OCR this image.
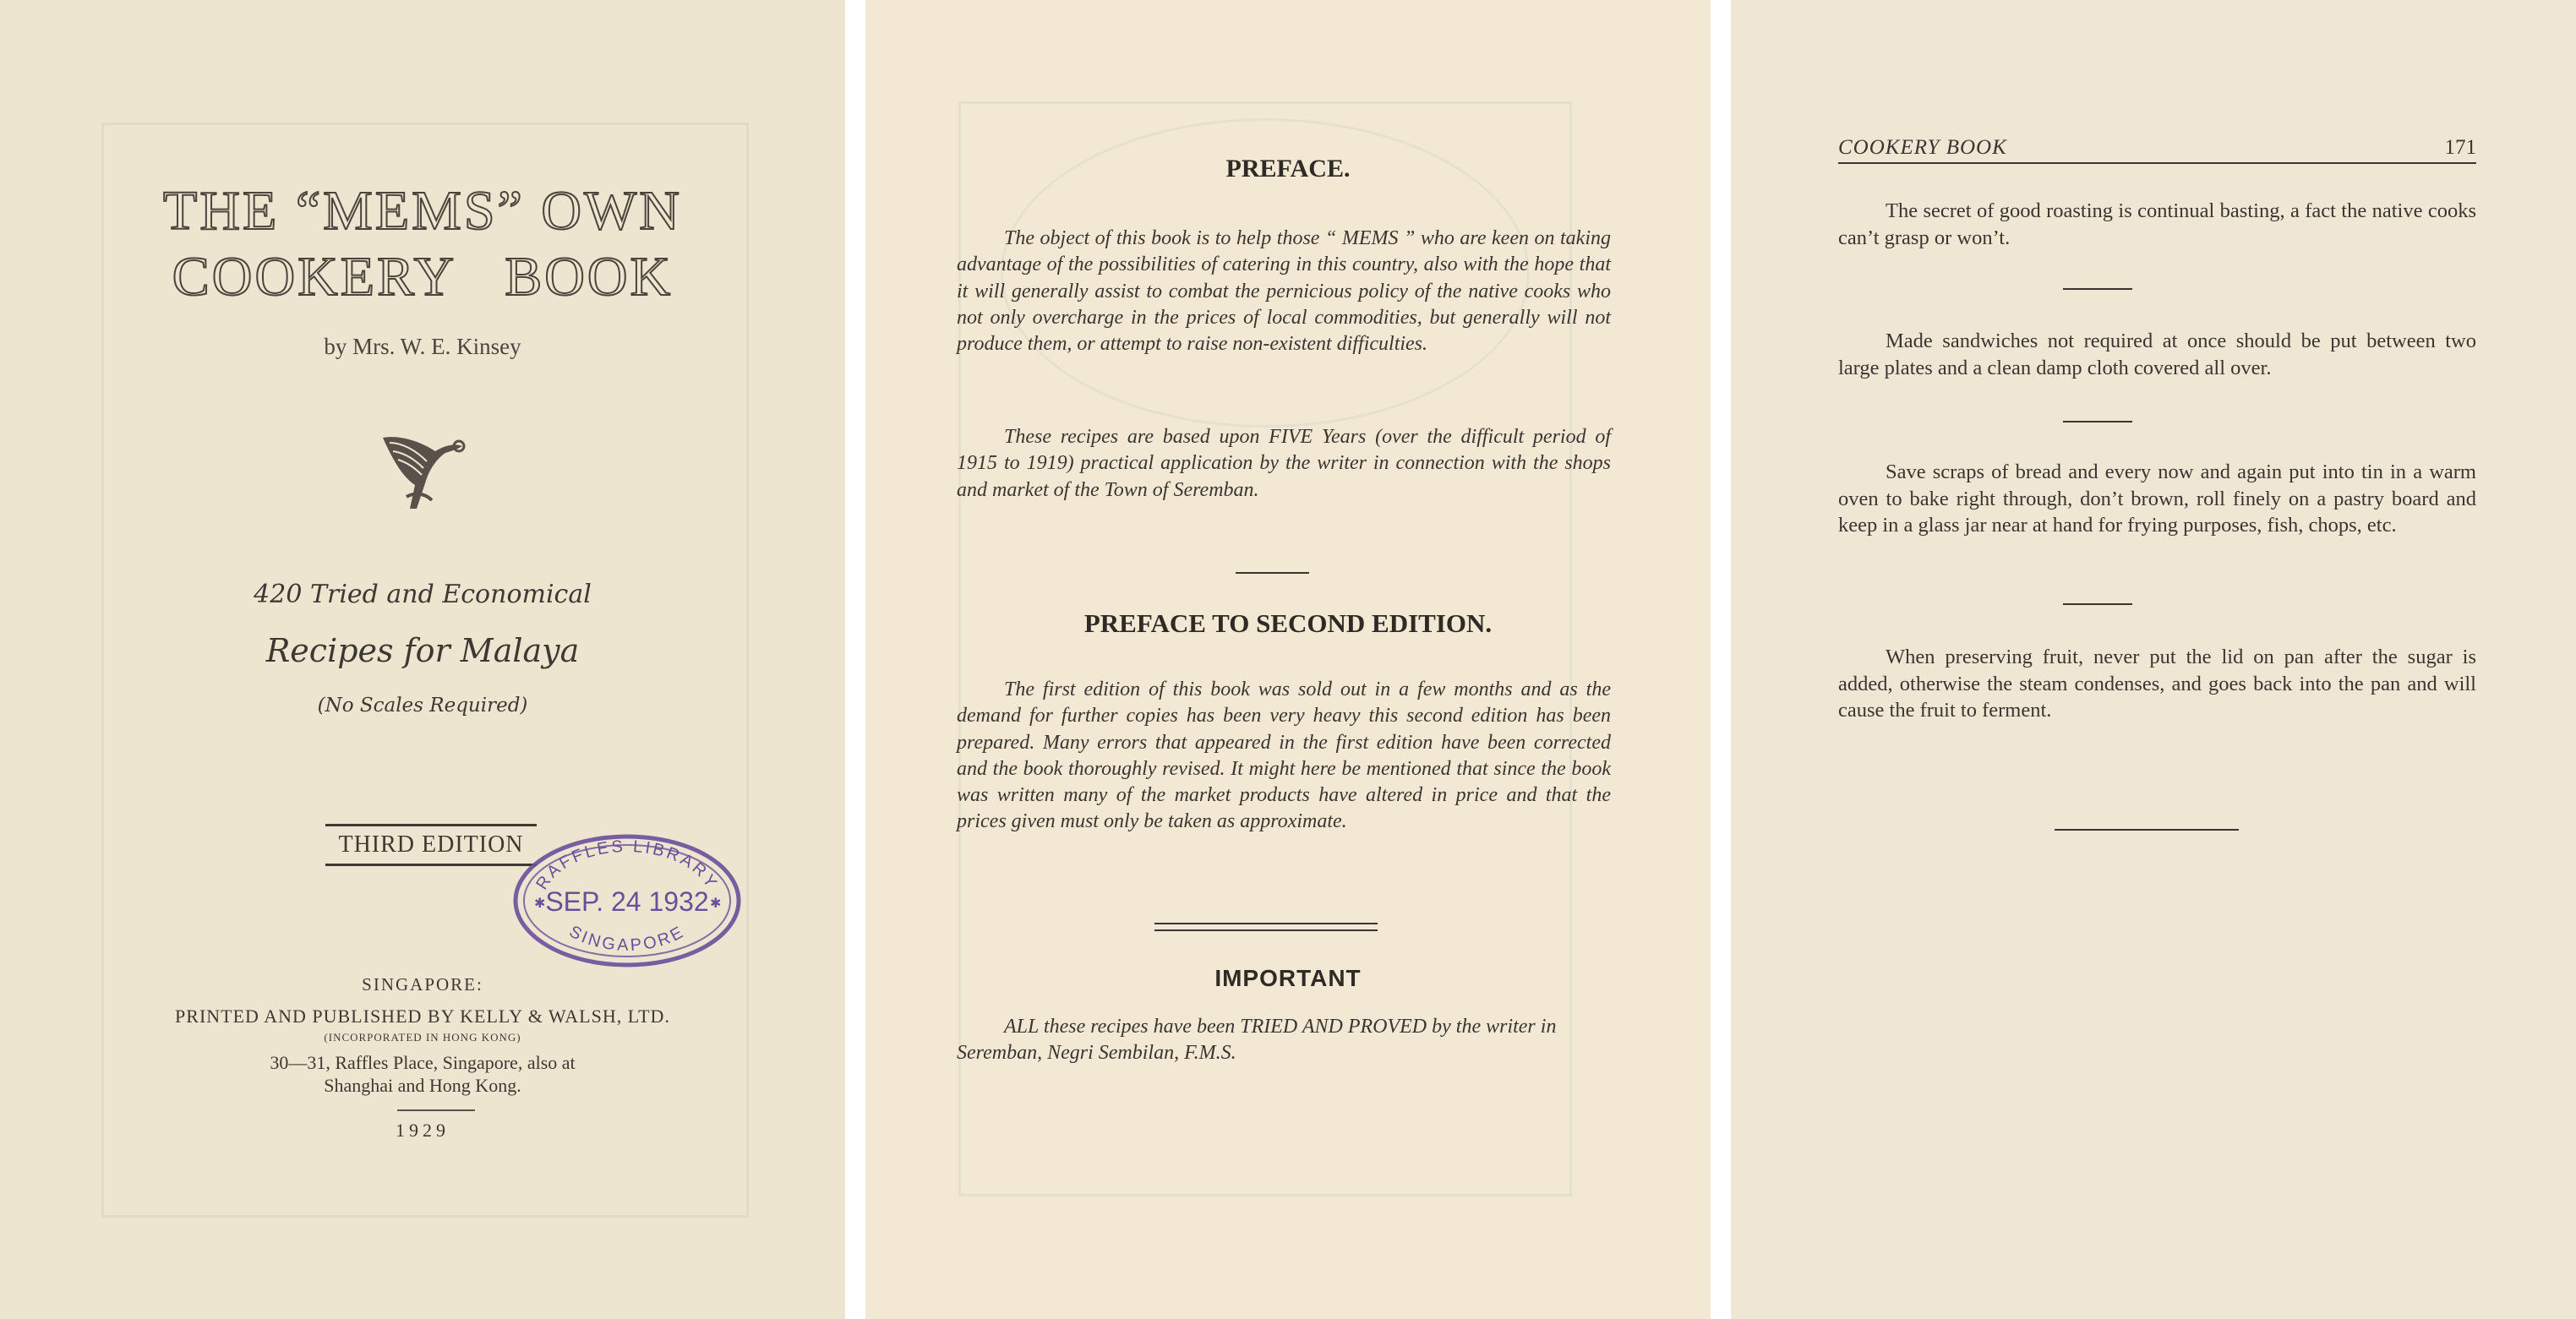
THE “MEMS” OWN
COOKERY BOOK
by Mrs. W. E. Kinsey
420 Tried and Economical
Recipes for Malaya
(No Scales Required)
THIRD EDITION
RAFFLES LIBRARY
SEP. 24 1932
SINGAPORE
✱	✱
SINGAPORE:
PRINTED AND PUBLISHED BY KELLY & WALSH, LTD.
(INCORPORATED IN HONG KONG)
30—31, Raffles Place, Singapore, also at
Shanghai and Hong Kong.
1929
PREFACE.
The object of this book is to help those “ MEMS ” who are keen on taking advantage of the possibilities of catering in this country, also with the hope that it will generally assist to combat the pernicious policy of the native cooks who not only overcharge in the prices of local commodities, but generally will not produce them, or attempt to raise non-existent difficulties.
These recipes are based upon FIVE Years (over the difficult period of 1915 to 1919) practical application by the writer in connection with the shops and market of the Town of Seremban.
PREFACE TO SECOND EDITION.
The first edition of this book was sold out in a few months and as the demand for further copies has been very heavy this second edition has been prepared. Many errors that appeared in the first edition have been corrected and the book thoroughly revised. It might here be mentioned that since the book was written many of the market products have altered in price and that the prices given must only be taken as approximate.
IMPORTANT
ALL these recipes have been TRIED AND PROVED by the writer in Seremban, Negri Sembilan, F.M.S.
COOKERY BOOK	171
The secret of good roasting is continual basting, a fact the native cooks can’t grasp or won’t.
Made sandwiches not required at once should be put between two large plates and a clean damp cloth covered all over.
Save scraps of bread and every now and again put into tin in a warm oven to bake right through, don’t brown, roll finely on a pastry board and keep in a glass jar near at hand for frying purposes, fish, chops, etc.
When preserving fruit, never put the lid on pan after the sugar is added, otherwise the steam condenses, and goes back into the pan and will cause the fruit to ferment.
